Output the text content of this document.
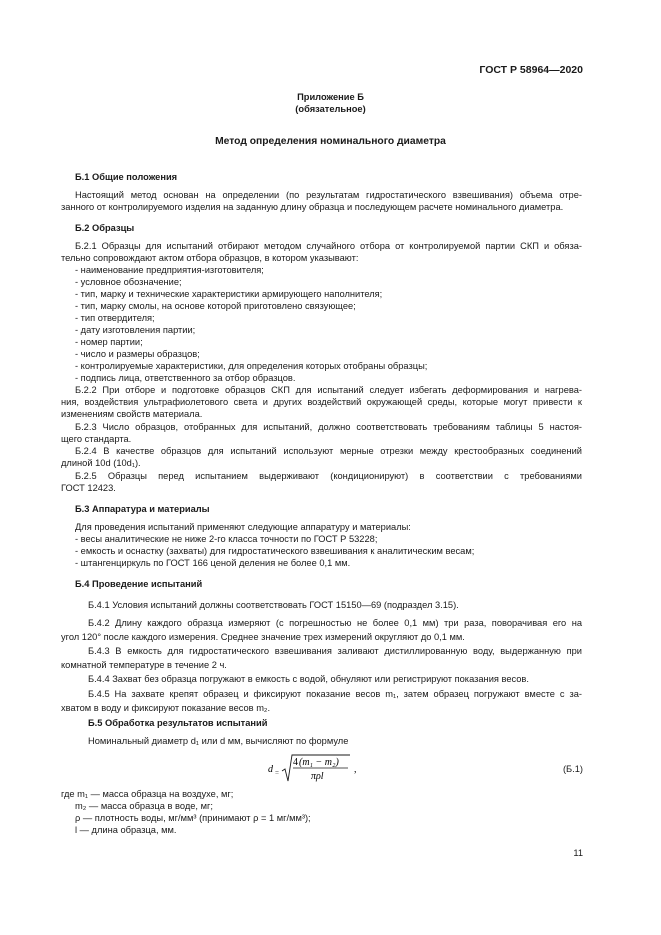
ГОСТ Р 58964—2020
Приложение Б
(обязательное)
Метод определения номинального диаметра
Б.1 Общие положения
Настоящий метод основан на определении (по результатам гидростатического взвешивания) объема отре-
занного от контролируемого изделия на заданную длину образца и последующем расчете номинального диаметра.
Б.2 Образцы
Б.2.1 Образцы для испытаний отбирают методом случайного отбора от контролируемой партии СКП и обяза-
тельно сопровождают актом отбора образцов, в котором указывают:
- наименование предприятия-изготовителя;
- условное обозначение;
- тип, марку и технические характеристики армирующего наполнителя;
- тип, марку смолы, на основе которой приготовлено связующее;
- тип отвердителя;
- дату изготовления партии;
- номер партии;
- число и размеры образцов;
- контролируемые характеристики, для определения которых отобраны образцы;
- подпись лица, ответственного за отбор образцов.
Б.2.2 При отборе и подготовке образцов СКП для испытаний следует избегать деформирования и нагрева-
ния, воздействия ультрафиолетового света и других воздействий окружающей среды, которые могут привести к
изменениям свойств материала.
Б.2.3 Число образцов, отобранных для испытаний, должно соответствовать требованиям таблицы 5 настоя-
щего стандарта.
Б.2.4 В качестве образцов для испытаний используют мерные отрезки между крестообразных соединений
длиной 10d (10d₁).
Б.2.5 Образцы перед испытанием выдерживают (кондиционируют) в соответствии с требованиями
ГОСТ 12423.
Б.3 Аппаратура и материалы
Для проведения испытаний применяют следующие аппаратуру и материалы:
- весы аналитические не ниже 2-го класса точности по ГОСТ Р 53228;
- емкость и оснастку (захваты) для гидростатического взвешивания к аналитическим весам;
- штангенциркуль по ГОСТ 166 ценой деления не более 0,1 мм.
Б.4 Проведение испытаний
Б.4.1 Условия испытаний должны соответствовать ГОСТ 15150—69 (подраздел 3.15).
Б.4.2 Длину каждого образца измеряют (с погрешностью не более 0,1 мм) три раза, поворачивая его на
угол 120° после каждого измерения. Среднее значение трех измерений округляют до 0,1 мм.
Б.4.3 В емкость для гидростатического взвешивания заливают дистиллированную воду, выдержанную при
комнатной температуре в течение 2 ч.
Б.4.4 Захват без образца погружают в емкость с водой, обнуляют или регистрируют показания весов.
Б.4.5 На захвате крепят образец и фиксируют показание весов m₁, затем образец погружают вместе с за-
хватом в воду и фиксируют показание весов m₂.
Б.5 Обработка результатов испытаний
Номинальный диаметр d₁ или d мм, вычисляют по формуле
d =
4 (m₁ − m₂)
πρl
,	(Б.1)
где m₁ — масса образца на воздухе, мг;
m₂ — масса образца в воде, мг;
ρ — плотность воды, мг/мм³ (принимают ρ = 1 мг/мм³);
l — длина образца, мм.
11
